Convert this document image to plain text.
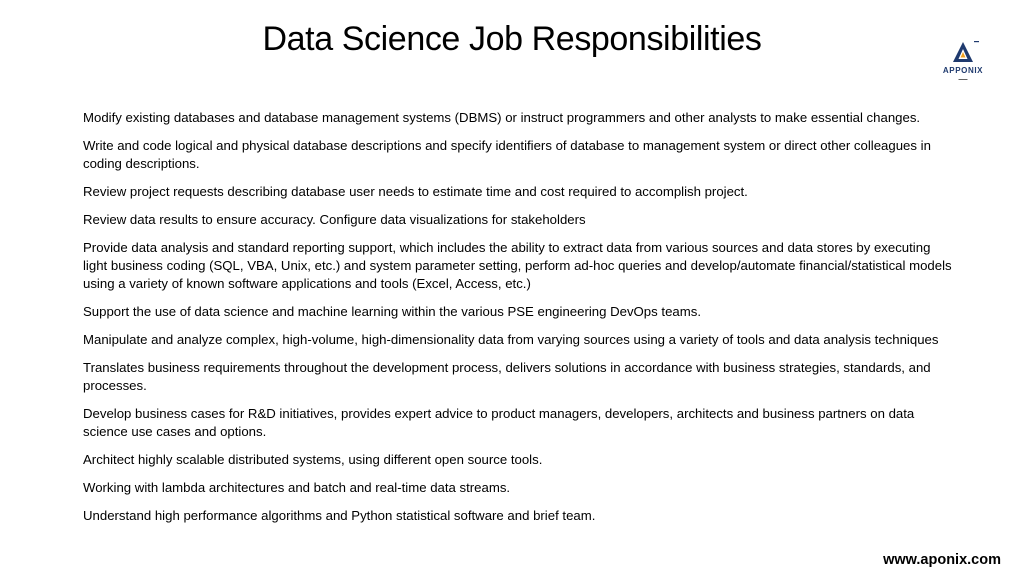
Data Science Job Responsibilities
APPONIX
▬▬▬
Modify existing databases and database management systems (DBMS) or instruct programmers and other analysts to make essential changes.
Write and code logical and physical database descriptions and specify identifiers of database to management system or direct other colleagues in coding descriptions.
Review project requests describing database user needs to estimate time and cost required to accomplish project.
Review data results to ensure accuracy. Configure data visualizations for stakeholders
Provide data analysis and standard reporting support, which includes the ability to extract data from various sources and data stores by executing light business coding (SQL, VBA, Unix, etc.) and system parameter setting, perform ad-hoc queries and develop/automate financial/statistical models using a variety of known software applications and tools (Excel, Access, etc.)
Support the use of data science and machine learning within the various PSE engineering DevOps teams.
Manipulate and analyze complex, high-volume, high-dimensionality data from varying sources using a variety of tools and data analysis techniques
Translates business requirements throughout the development process, delivers solutions in accordance with business strategies, standards, and processes.
Develop business cases for R&D initiatives, provides expert advice to product managers, developers, architects and business partners on data science use cases and options.
Architect highly scalable distributed systems, using different open source tools.
Working with lambda architectures and batch and real-time data streams.
Understand high performance algorithms and Python statistical software and brief team.
www.aponix.com
